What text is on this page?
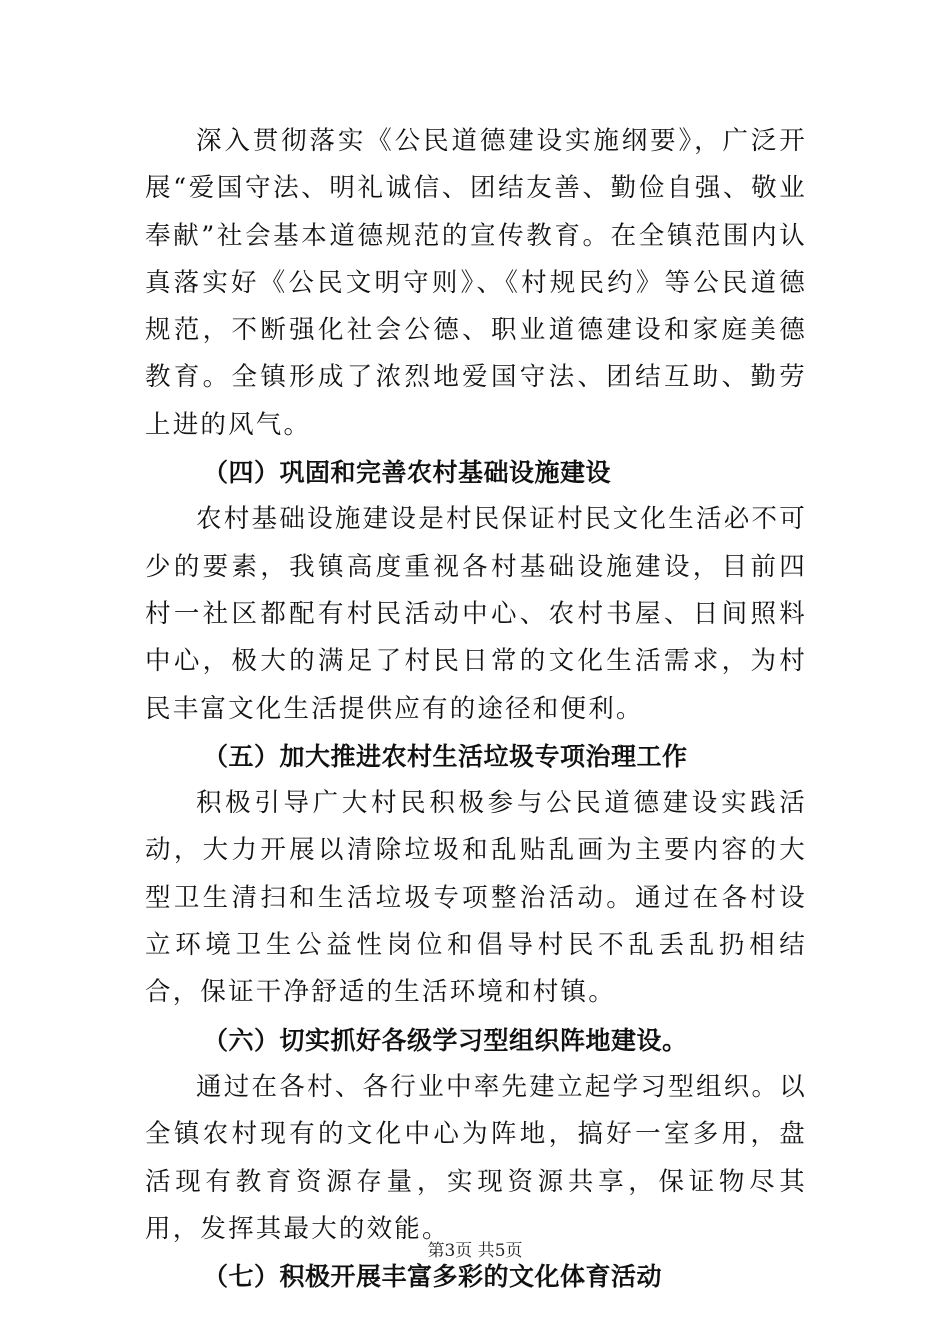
深入贯彻落实《公民道德建设实施纲要》，广泛开展“爱国守法、明礼诚信、团结友善、勤俭自强、敬业奉献”社会基本道德规范的宣传教育。在全镇范围内认真落实好《公民文明守则》、《村规民约》等公民道德规范，不断强化社会公德、职业道德建设和家庭美德教育。全镇形成了浓烈地爱国守法、团结互助、勤劳上进的风气。

（四）巩固和完善农村基础设施建设

农村基础设施建设是村民保证村民文化生活必不可少的要素，我镇高度重视各村基础设施建设，目前四村一社区都配有村民活动中心、农村书屋、日间照料中心，极大的满足了村民日常的文化生活需求，为村民丰富文化生活提供应有的途径和便利。

（五）加大推进农村生活垃圾专项治理工作

积极引导广大村民积极参与公民道德建设实践活动，大力开展以清除垃圾和乱贴乱画为主要内容的大型卫生清扫和生活垃圾专项整治活动。通过在各村设立环境卫生公益性岗位和倡导村民不乱丢乱扔相结合，保证干净舒适的生活环境和村镇。

（六）切实抓好各级学习型组织阵地建设。

通过在各村、各行业中率先建立起学习型组织。以全镇农村现有的文化中心为阵地，搞好一室多用，盘活现有教育资源存量，实现资源共享，保证物尽其用，发挥其最大的效能。

（七）积极开展丰富多彩的文化体育活动

第3页 共5页
